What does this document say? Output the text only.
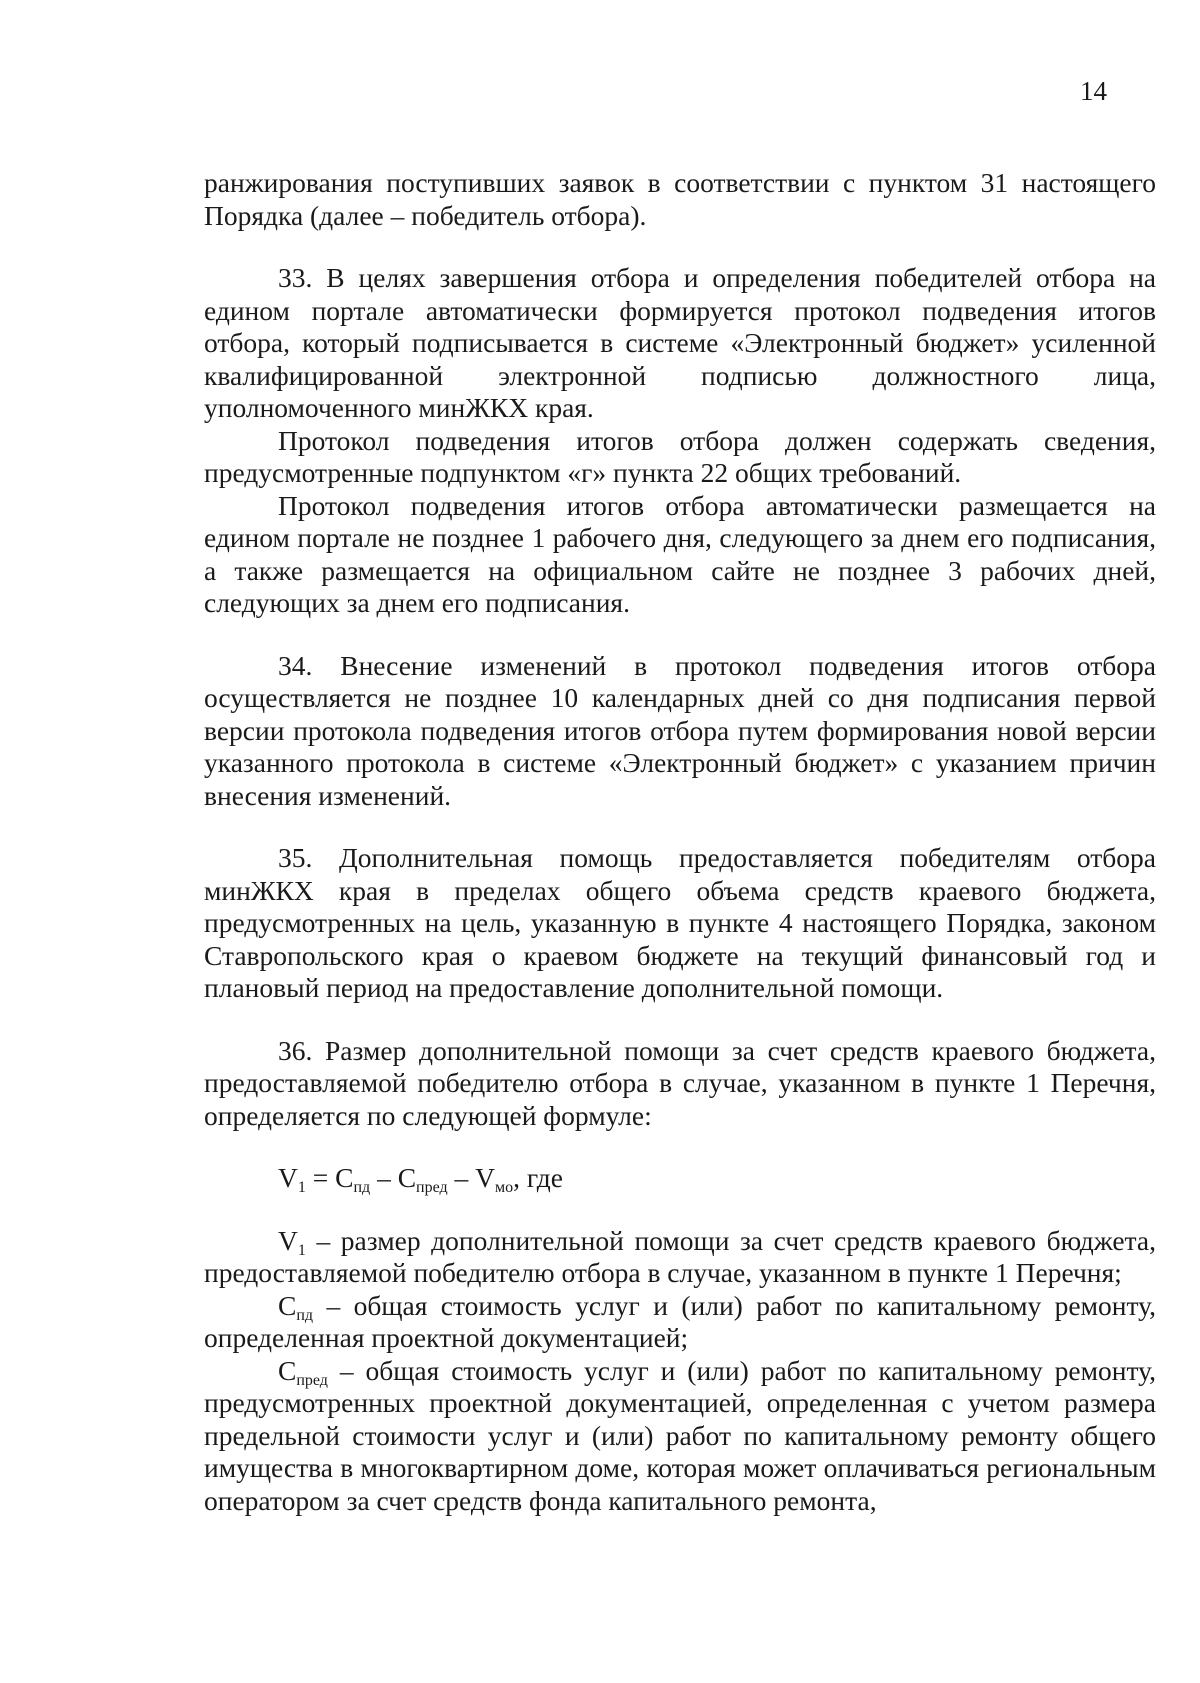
14

ранжирования поступивших заявок в соответствии с пунктом 31 настоящего Порядка (далее – победитель отбора).

33. В целях завершения отбора и определения победителей отбора на едином портале автоматически формируется протокол подведения итогов отбора, который подписывается в системе «Электронный бюджет» усиленной квалифицированной электронной подписью должностного лица, уполномоченного минЖКХ края.

Протокол подведения итогов отбора должен содержать сведения, предусмотренные подпунктом «г» пункта 22 общих требований.

Протокол подведения итогов отбора автоматически размещается на едином портале не позднее 1 рабочего дня, следующего за днем его подписания, а также размещается на официальном сайте не позднее 3 рабочих дней, следующих за днем его подписания.

34. Внесение изменений в протокол подведения итогов отбора осуществляется не позднее 10 календарных дней со дня подписания первой версии протокола подведения итогов отбора путем формирования новой версии указанного протокола в системе «Электронный бюджет» с указанием причин внесения изменений.

35. Дополнительная помощь предоставляется победителям отбора минЖКХ края в пределах общего объема средств краевого бюджета, предусмотренных на цель, указанную в пункте 4 настоящего Порядка, законом Ставропольского края о краевом бюджете на текущий финансовый год и плановый период на предоставление дополнительной помощи.

36. Размер дополнительной помощи за счет средств краевого бюджета, предоставляемой победителю отбора в случае, указанном в пункте 1 Перечня, определяется по следующей формуле:

$V_1 = C_{пд} - C_{пред} - V_{мо}$, где

$V_1$ – размер дополнительной помощи за счет средств краевого бюджета, предоставляемой победителю отбора в случае, указанном в пункте 1 Перечня;

$C_{пд}$ – общая стоимость услуг и (или) работ по капитальному ремонту, определенная проектной документацией;

$C_{пред}$ – общая стоимость услуг и (или) работ по капитальному ремонту, предусмотренных проектной документацией, определенная с учетом размера предельной стоимости услуг и (или) работ по капитальному ремонту общего имущества в многоквартирном доме, которая может оплачиваться региональным оператором за счет средств фонда капитального ремонта,
